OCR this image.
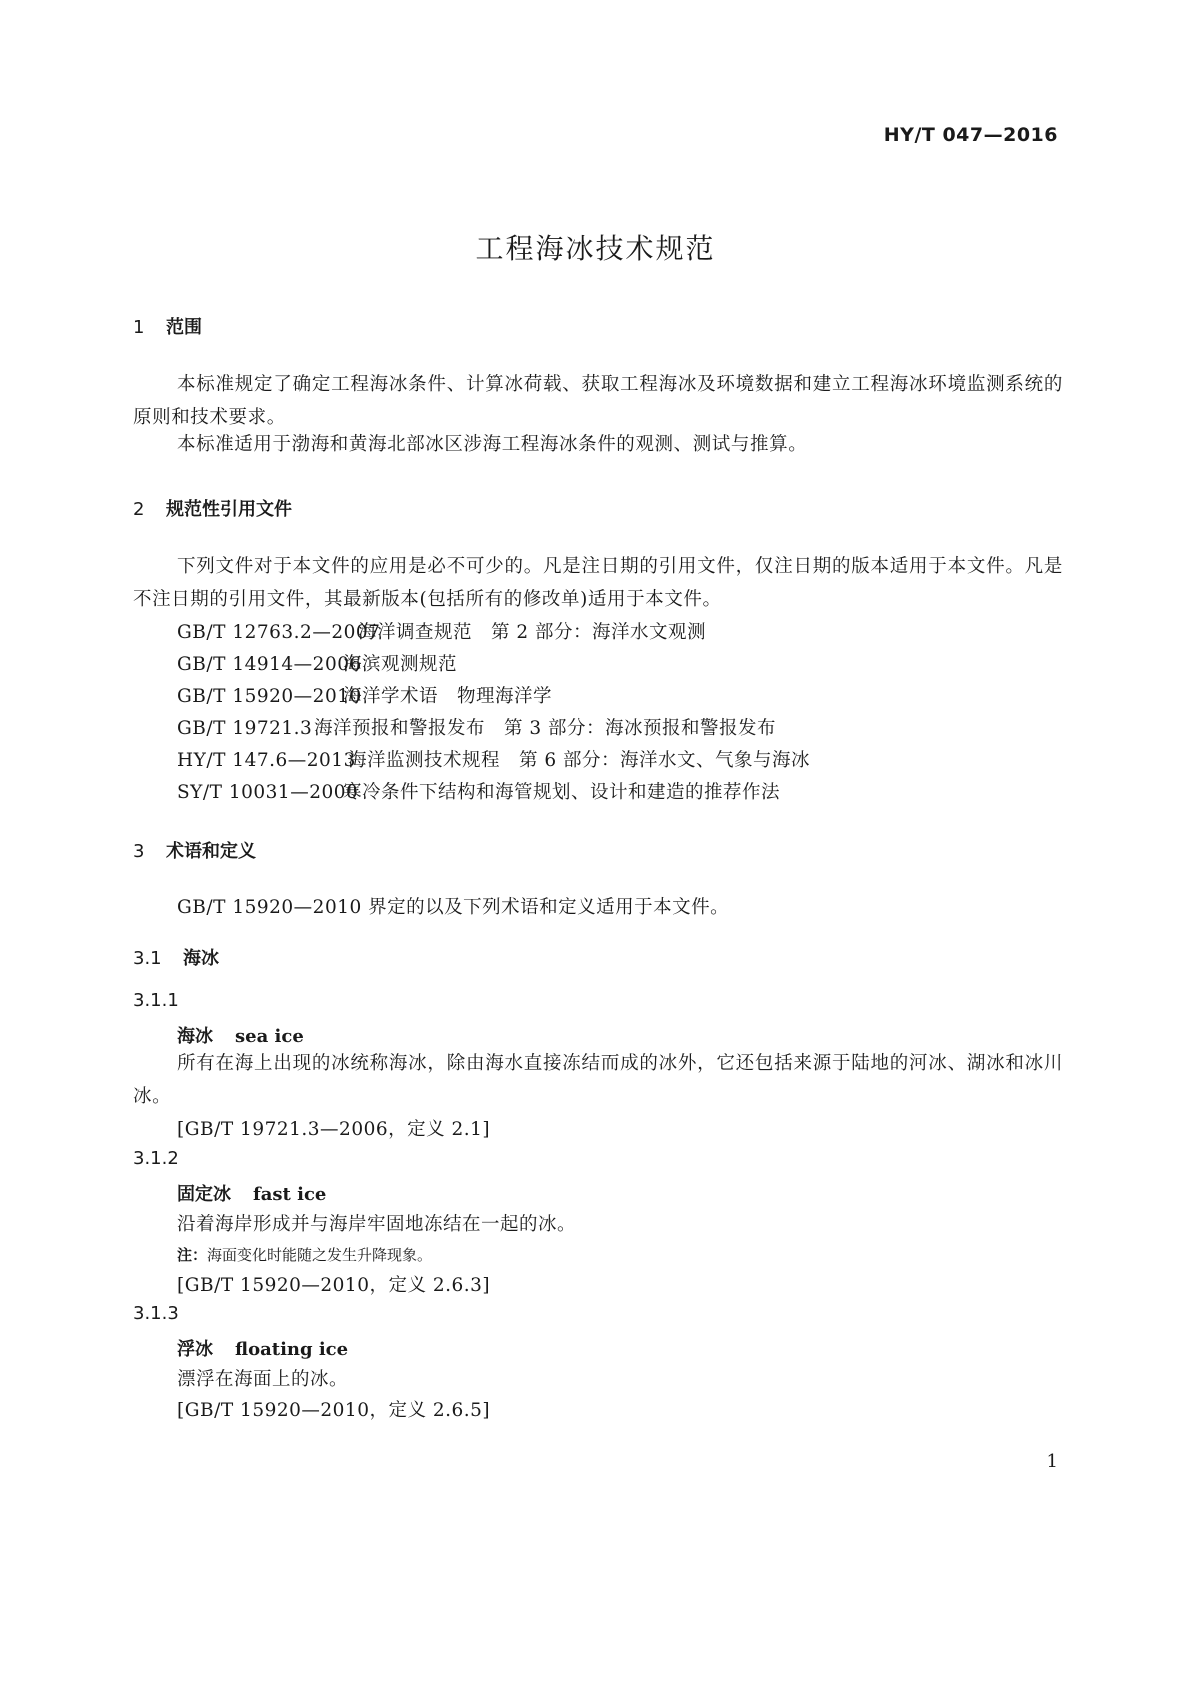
HY/T 047—2016
工程海冰技术规范
1 范围
本标准规定了确定工程海冰条件、计算冰荷载、获取工程海冰及环境数据和建立工程海冰环境监测系统的原则和技术要求。
本标准适用于渤海和黄海北部冰区涉海工程海冰条件的观测、测试与推算。
2 规范性引用文件
下列文件对于本文件的应用是必不可少的。凡是注日期的引用文件，仅注日期的版本适用于本文件。凡是不注日期的引用文件，其最新版本(包括所有的修改单)适用于本文件。
GB/T 12763.2—2007海洋调查规范　第 2 部分：海洋水文观测
GB/T 14914—2006海滨观测规范
GB/T 15920—2010海洋学术语　物理海洋学
GB/T 19721.3海洋预报和警报发布　第 3 部分：海冰预报和警报发布
HY/T 147.6—2013海洋监测技术规程　第 6 部分：海洋水文、气象与海冰
SY/T 10031—2000寒冷条件下结构和海管规划、设计和建造的推荐作法
3 术语和定义
GB/T 15920—2010 界定的以及下列术语和定义适用于本文件。
3.1 海冰
3.1.1
海冰 sea ice
所有在海上出现的冰统称海冰，除由海水直接冻结而成的冰外，它还包括来源于陆地的河冰、湖冰和冰川冰。
[GB/T 19721.3—2006，定义 2.1]
3.1.2
固定冰 fast ice
沿着海岸形成并与海岸牢固地冻结在一起的冰。
注：海面变化时能随之发生升降现象。
[GB/T 15920—2010，定义 2.6.3]
3.1.3
浮冰 floating ice
漂浮在海面上的冰。
[GB/T 15920—2010，定义 2.6.5]
1
